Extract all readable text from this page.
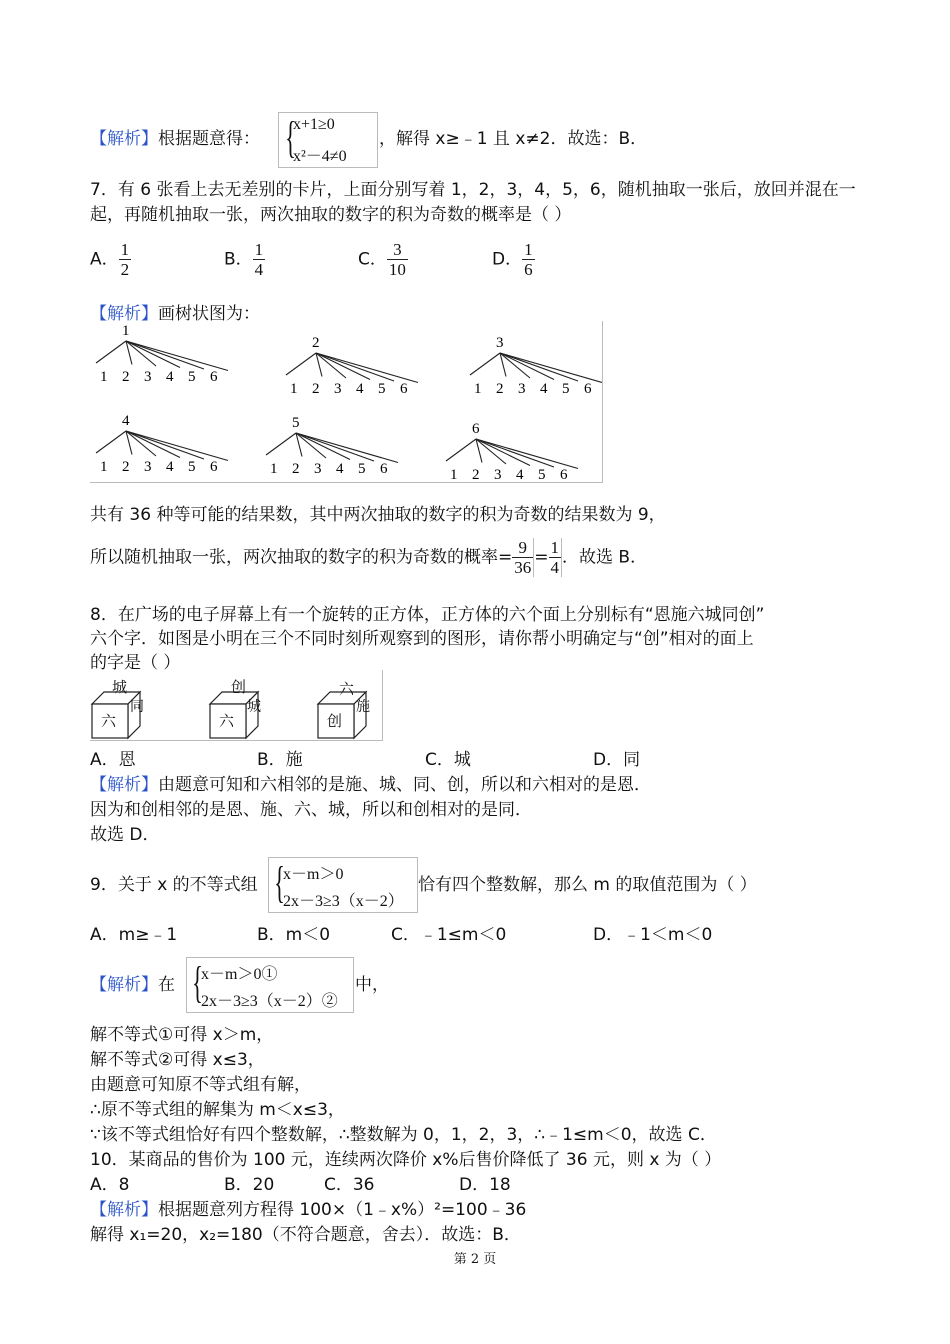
【解析】根据题意得： {
x+1≥0
x²－4≠0
，解得 x≥﹣1 且 x≠2．故选：B．
7．有 6 张看上去无差别的卡片，上面分别写着 1，2，3，4，5，6，随机抽取一张后，放回并混在一
起，再随机抽取一张，两次抽取的数字的积为奇数的概率是（ ）
A． $\frac{1}{2}$	B． $\frac{1}{4}$	C． $\frac{3}{10}$	D． $\frac{1}{6}$
【解析】画树状图为：
1
1 2 3 4 5 6
2
1 2 3 4 5 6
3
1 2 3 4 5 6
4
1 2 3 4 5 6
5
1 2 3 4 5 6
6
1 2 3 4 5 6
共有 36 种等可能的结果数，其中两次抽取的数字的积为奇数的结果数为 9，
所以随机抽取一张，两次抽取的数字的积为奇数的概率= $\frac{9}{36} = \frac{1}{4}$ ．故选 B．
8．在广场的电子屏幕上有一个旋转的正方体，正方体的六个面上分别标有“恩施六城同创”
六个字．如图是小明在三个不同时刻所观察到的图形，请你帮小明确定与“创”相对的面上
的字是（ ）
城
六
同
创
六
城
六
创
施
A．恩	B．施	C．城	D．同
【解析】由题意可知和六相邻的是施、城、同、创，所以和六相对的是恩．
因为和创相邻的是恩、施、六、城，所以和创相对的是同．
故选 D．
9．关于 x 的不等式组 {
x－m＞0
2x－3≥3（x－2）
恰有四个整数解，那么 m 的取值范围为（ ）
A．m≥﹣1	B．m＜0	C．﹣1≤m＜0	D．﹣1＜m＜0
【解析】在 {
x－m＞0①
2x－3≥3（x－2）②
中，
解不等式①可得 x＞m，
解不等式②可得 x≤3，
由题意可知原不等式组有解，
∴原不等式组的解集为 m＜x≤3，
∵该不等式组恰好有四个整数解，∴整数解为 0，1，2，3，∴﹣1≤m＜0，故选 C．
10．某商品的售价为 100 元，连续两次降价 x%后售价降低了 36 元，则 x 为（ ）
A．8	B．20	C．36	D．18
【解析】根据题意列方程得 100×（1﹣x%）²=100﹣36
解得 x₁=20，x₂=180（不符合题意，舍去）．故选：B．
第 2 页
